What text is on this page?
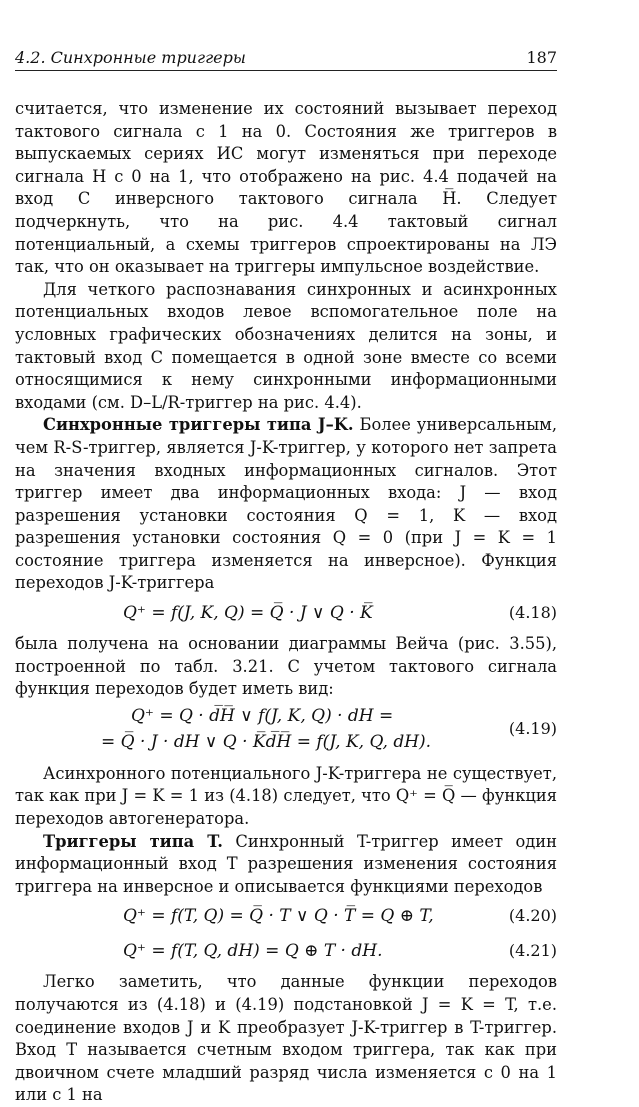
4.2. Синхронные триггеры	187

считается, что изменение их состояний вызывает переход тактового сигнала с 1 на 0. Состояния же триггеров в выпускаемых сериях ИС могут изменяться при переходе сигнала H с 0 на 1, что отображено на рис. 4.4 подачей на вход C инверсного тактового сигнала H̅. Следует подчеркнуть, что на рис. 4.4 тактовый сигнал потенциальный, а схемы триггеров спроектированы на ЛЭ так, что он оказывает на триггеры импульсное воздействие.

Для четкого распознавания синхронных и асинхронных потенциальных входов левое вспомогательное поле на условных графических обозначениях делится на зоны, и тактовый вход C помещается в одной зоне вместе со всеми относящимися к нему синхронными информационными входами (см. D–L/R-триггер на рис. 4.4).

Синхронные триггеры типа J–K. Более универсальным, чем R-S-триггер, является J-K-триггер, у которого нет запрета на значения входных информационных сигналов. Этот триггер имеет два информационных входа: J — вход разрешения установки состояния Q = 1, K — вход разрешения установки состояния Q = 0 (при J = K = 1 состояние триггера изменяется на инверсное). Функция переходов J-K-триггера

Q⁺ = f(J, K, Q) = Q̅ · J ∨ Q · K̅	(4.18)

была получена на основании диаграммы Вейча (рис. 3.55), построенной по табл. 3.21. С учетом тактового сигнала функция переходов будет иметь вид:

Q⁺ = Q · d̅H̅ ∨ f(J, K, Q) · dH =
= Q̅ · J · dH ∨ Q · K̅d̅H̅ = f(J, K, Q, dH).
(4.19)

Асинхронного потенциального J-K-триггера не существует, так как при J = K = 1 из (4.18) следует, что Q⁺ = Q̅ — функция переходов автогенератора.

Триггеры типа T. Синхронный T-триггер имеет один информационный вход T разрешения изменения состояния триггера на инверсное и описывается функциями переходов

Q⁺ = f(T, Q) = Q̅ · T ∨ Q · T̅ = Q ⊕ T,	(4.20)
Q⁺ = f(T, Q, dH) = Q ⊕ T · dH.	(4.21)

Легко заметить, что данные функции переходов получаются из (4.18) и (4.19) подстановкой J = K = T, т.е. соединение входов J и K преобразует J-K-триггер в T-триггер. Вход T называется счетным входом триггера, так как при двоичном счете младший разряд числа изменяется с 0 на 1 или с 1 на
